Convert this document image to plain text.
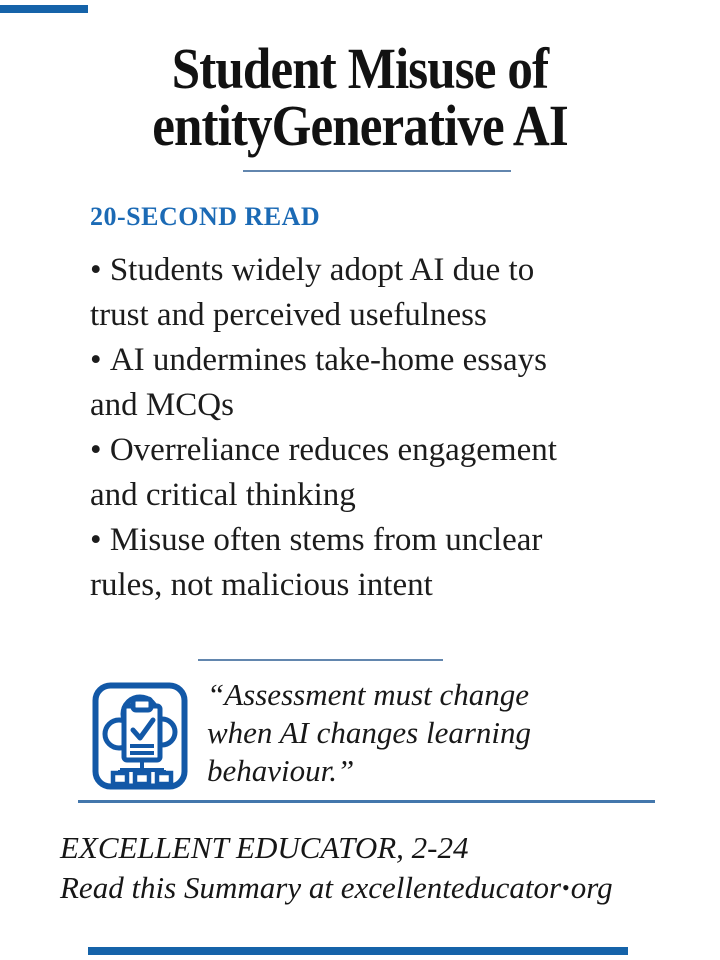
Student Misuse of
entityGenerative AI
20-SECOND READ
• Students widely adopt AI due to
trust and perceived usefulness
• AI undermines take-home essays
and MCQs
• Overreliance reduces engagement
and critical thinking
• Misuse often stems from unclear
rules, not malicious intent
“Assessment must change
when AI changes learning
behaviour.”
EXCELLENT EDUCATOR, 2-24
Read this Summary at excellenteducator•org
